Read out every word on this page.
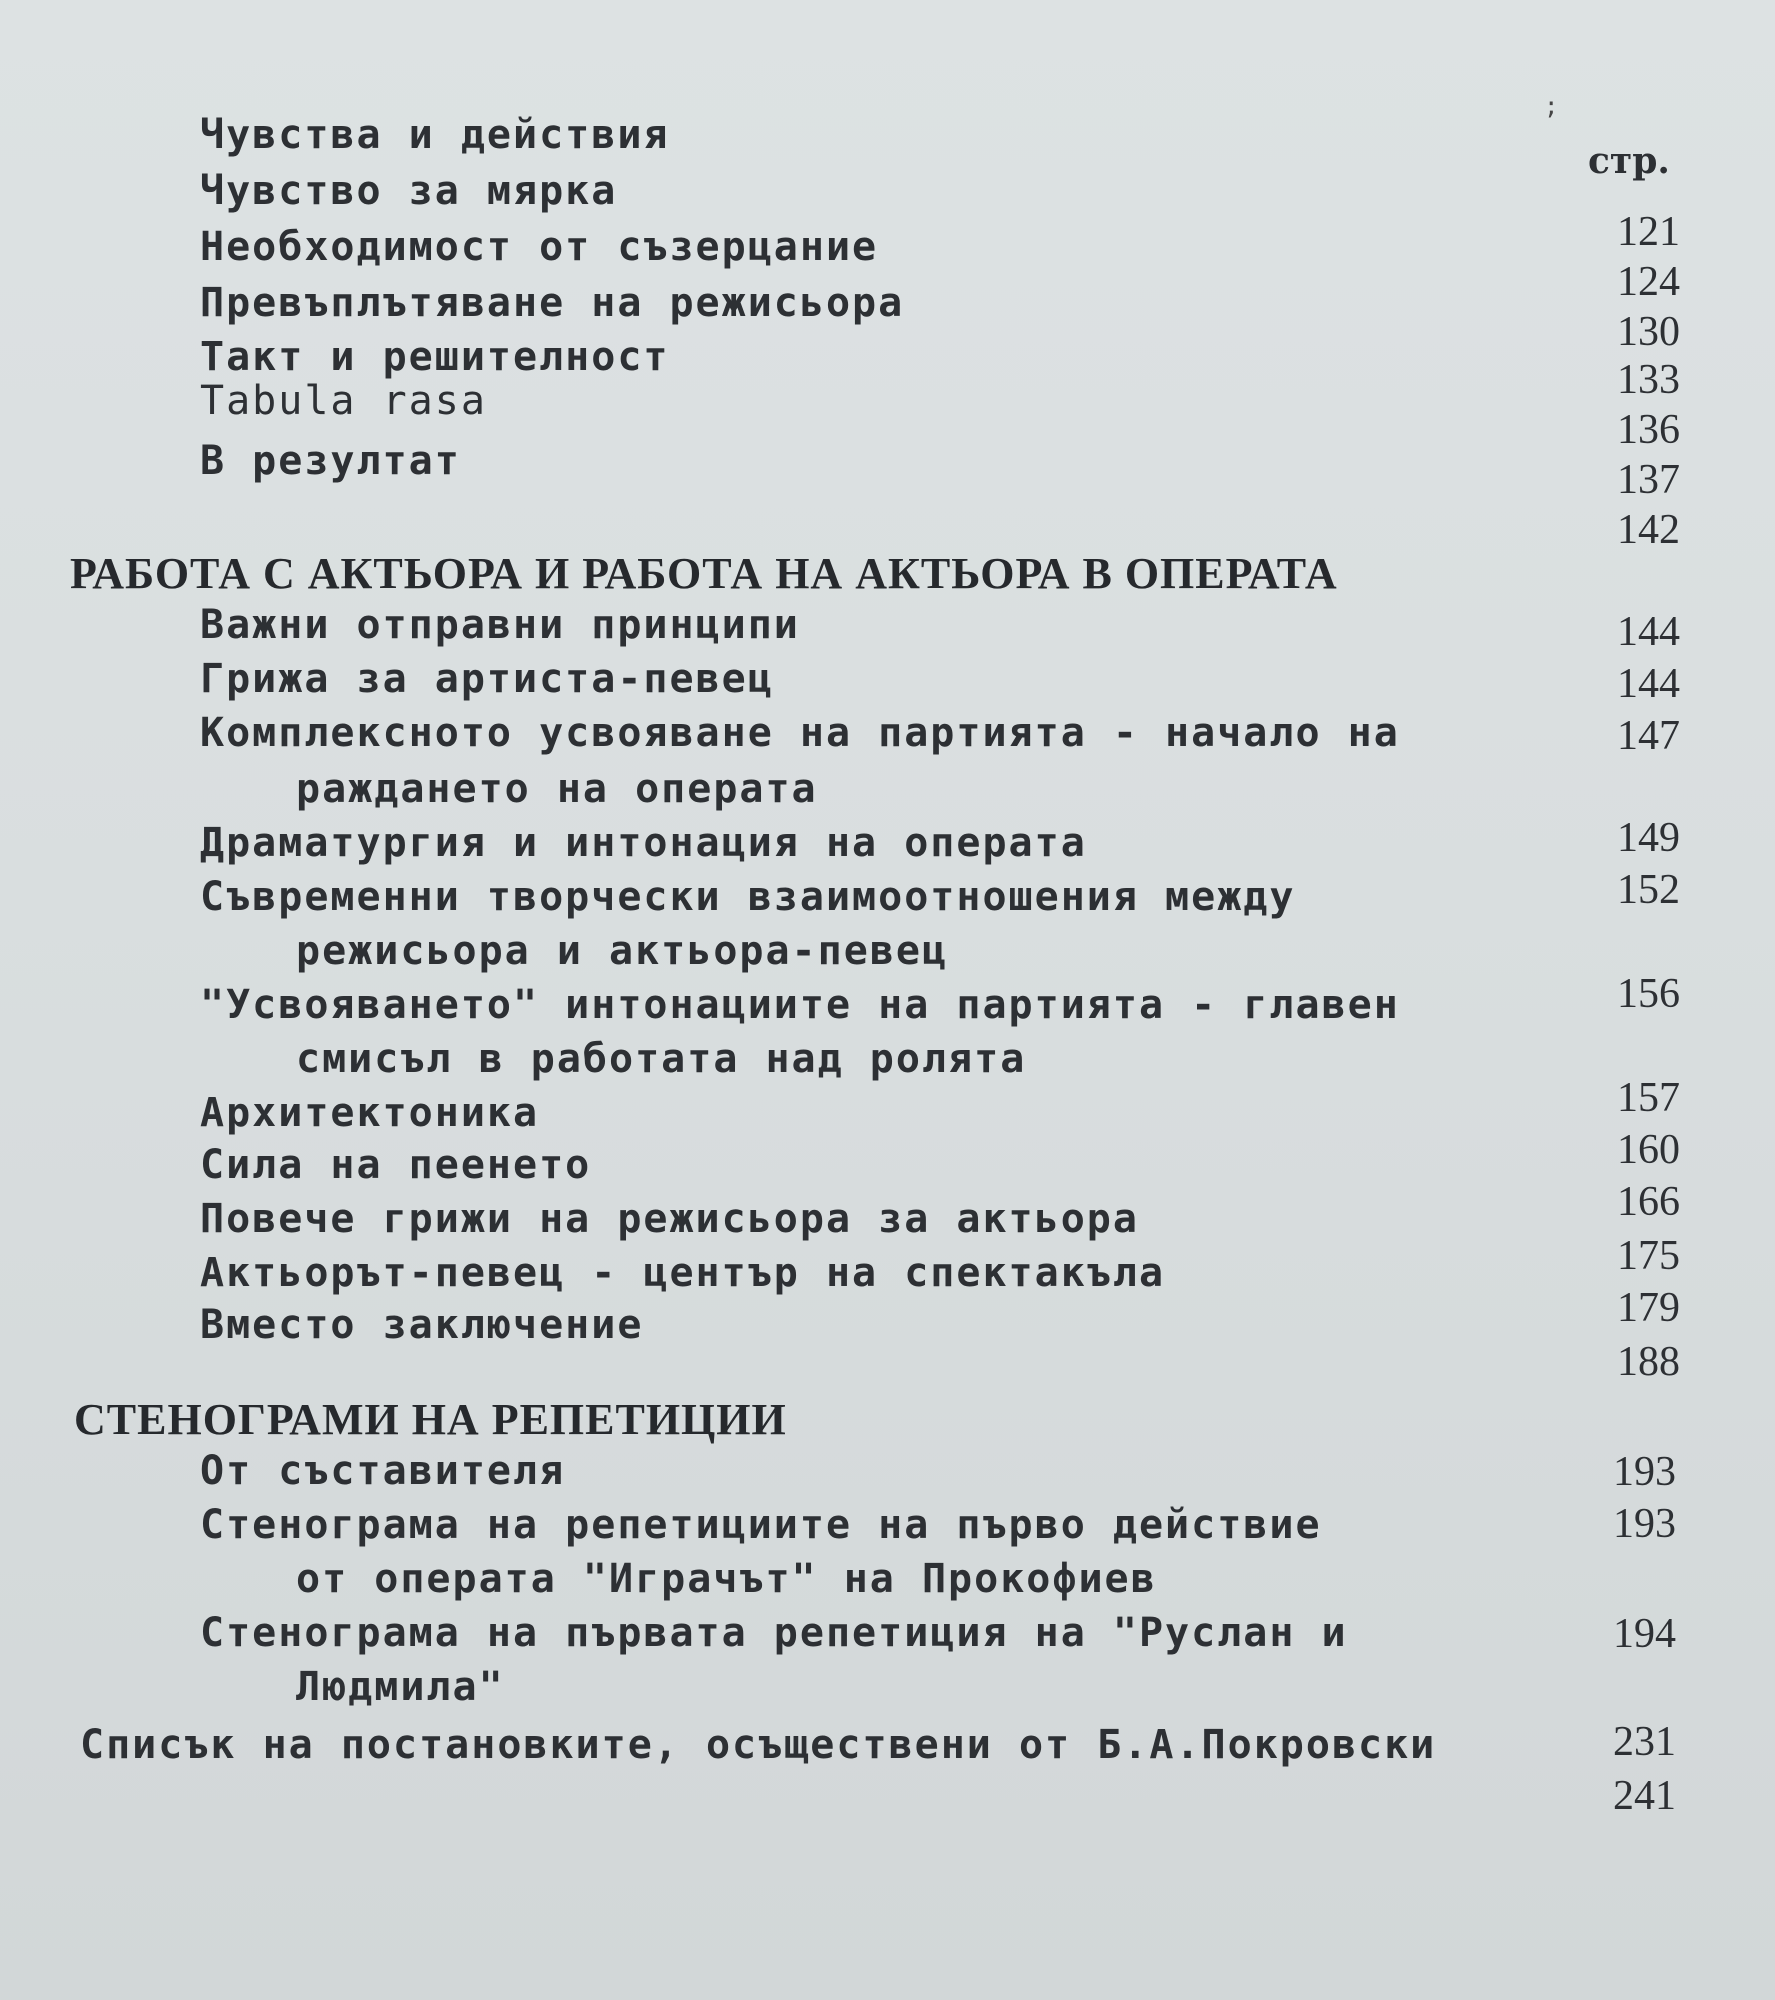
;
стр.
Чувства и действия
Чувство за мярка
Необходимост от съзерцание
Превъплътяване на режисьора
Такт и решителност
Tabula rasa
В резултат
121
124
130
133
136
137
142
РАБОТА С АКТЬОРА И РАБОТА НА АКТЬОРА В ОПЕРАТА
Важни отправни принципи
Грижа за артиста-певец
Комплексното усвояване на партията - начало на
раждането на операта
Драматургия и интонация на операта
Съвременни творчески взаимоотношения между
режисьора и актьора-певец
"Усвояването" интонациите на партията - главен
смисъл в работата над ролята
Архитектоника
Сила на пеенето
Повече грижи на режисьора за актьора
Актьорът-певец - център на спектакъла
Вместо заключение
144
144
147
149
152
156
157
160
166
175
179
188
СТЕНОГРАМИ НА РЕПЕТИЦИИ
От съставителя
Стенограма на репетициите на първо действие
от операта "Играчът" на Прокофиев
Стенограма на първата репетиция на "Руслан и
Людмила"
Списък на постановките, осъществени от Б.А.Покровски
193
193
194
231
241
